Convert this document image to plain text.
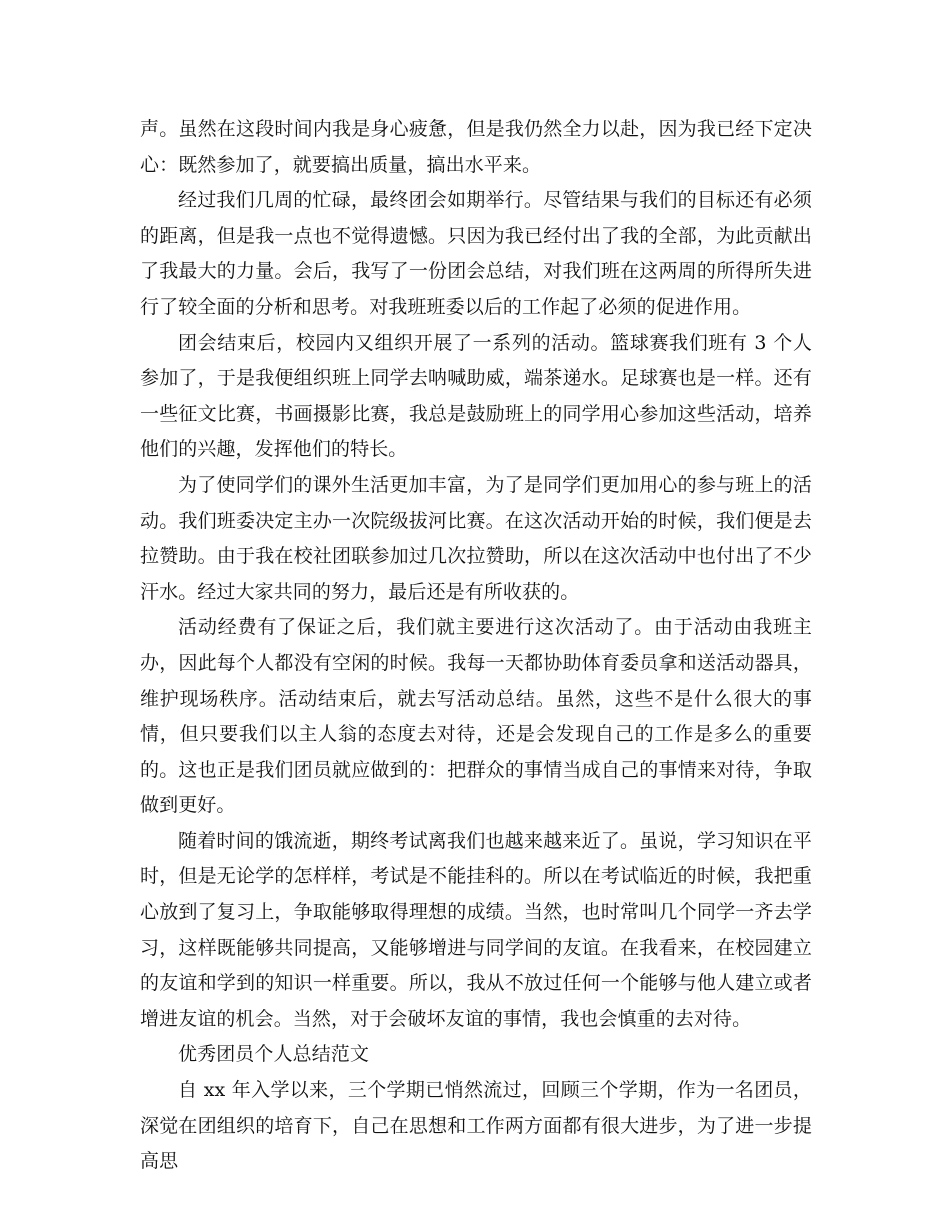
声。虽然在这段时间内我是身心疲惫，但是我仍然全力以赴，因为我已经下定决心：既然参加了，就要搞出质量，搞出水平来。

经过我们几周的忙碌，最终团会如期举行。尽管结果与我们的目标还有必须的距离，但是我一点也不觉得遗憾。只因为我已经付出了我的全部，为此贡献出了我最大的力量。会后，我写了一份团会总结，对我们班在这两周的所得所失进行了较全面的分析和思考。对我班班委以后的工作起了必须的促进作用。

团会结束后，校园内又组织开展了一系列的活动。篮球赛我们班有 3 个人参加了，于是我便组织班上同学去呐喊助威，端茶递水。足球赛也是一样。还有一些征文比赛，书画摄影比赛，我总是鼓励班上的同学用心参加这些活动，培养他们的兴趣，发挥他们的特长。

为了使同学们的课外生活更加丰富，为了是同学们更加用心的参与班上的活动。我们班委决定主办一次院级拔河比赛。在这次活动开始的时候，我们便是去拉赞助。由于我在校社团联参加过几次拉赞助，所以在这次活动中也付出了不少汗水。经过大家共同的努力，最后还是有所收获的。

活动经费有了保证之后，我们就主要进行这次活动了。由于活动由我班主办，因此每个人都没有空闲的时候。我每一天都协助体育委员拿和送活动器具，维护现场秩序。活动结束后，就去写活动总结。虽然，这些不是什么很大的事情，但只要我们以主人翁的态度去对待，还是会发现自己的工作是多么的重要的。这也正是我们团员就应做到的：把群众的事情当成自己的事情来对待，争取做到更好。

随着时间的饿流逝，期终考试离我们也越来越来近了。虽说，学习知识在平时，但是无论学的怎样样，考试是不能挂科的。所以在考试临近的时候，我把重心放到了复习上，争取能够取得理想的成绩。当然，也时常叫几个同学一齐去学习，这样既能够共同提高，又能够增进与同学间的友谊。在我看来，在校园建立的友谊和学到的知识一样重要。所以，我从不放过任何一个能够与他人建立或者增进友谊的机会。当然，对于会破坏友谊的事情，我也会慎重的去对待。

优秀团员个人总结范文

自 xx 年入学以来，三个学期已悄然流过，回顾三个学期，作为一名团员，深觉在团组织的培育下，自己在思想和工作两方面都有很大进步，为了进一步提高思
